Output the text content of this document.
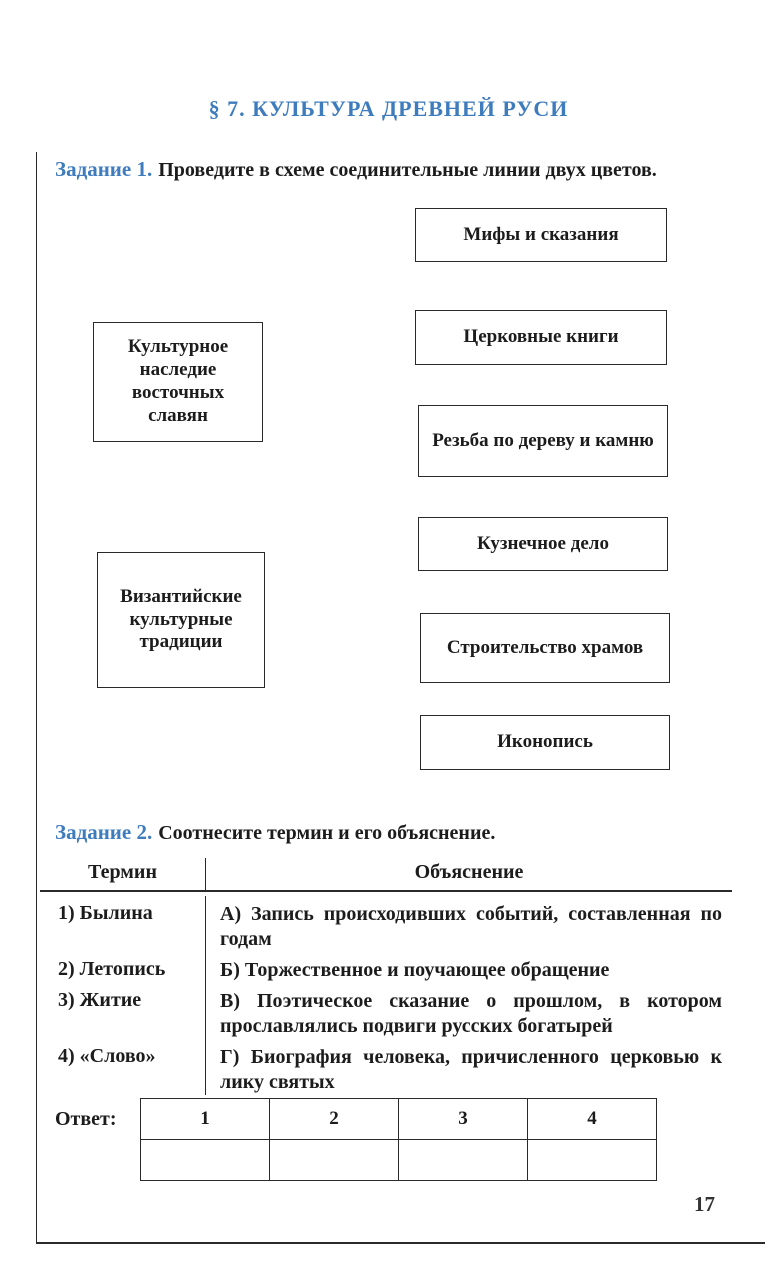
§ 7. КУЛЬТУРА ДРЕВНЕЙ РУСИ

Задание 1. Проведите в схеме соединительные линии двух цветов.

Культурное наследие восточных славян
Византийские культурные традиции
Мифы и сказания
Церковные книги
Резьба по дереву и камню
Кузнечное дело
Строительство храмов
Иконопись

Задание 2. Соотнесите термин и его объяснение.

Термин	Объяснение
1) Былина	А) Запись происходивших событий, составленная по годам
2) Летопись	Б) Торжественное и поучающее обращение
3) Житие	В) Поэтическое сказание о прошлом, в котором прославлялись подвиги русских богатырей
4) «Слово»	Г) Биография человека, причисленного церковью к лику святых

Ответ:	1	2	3	4

17
